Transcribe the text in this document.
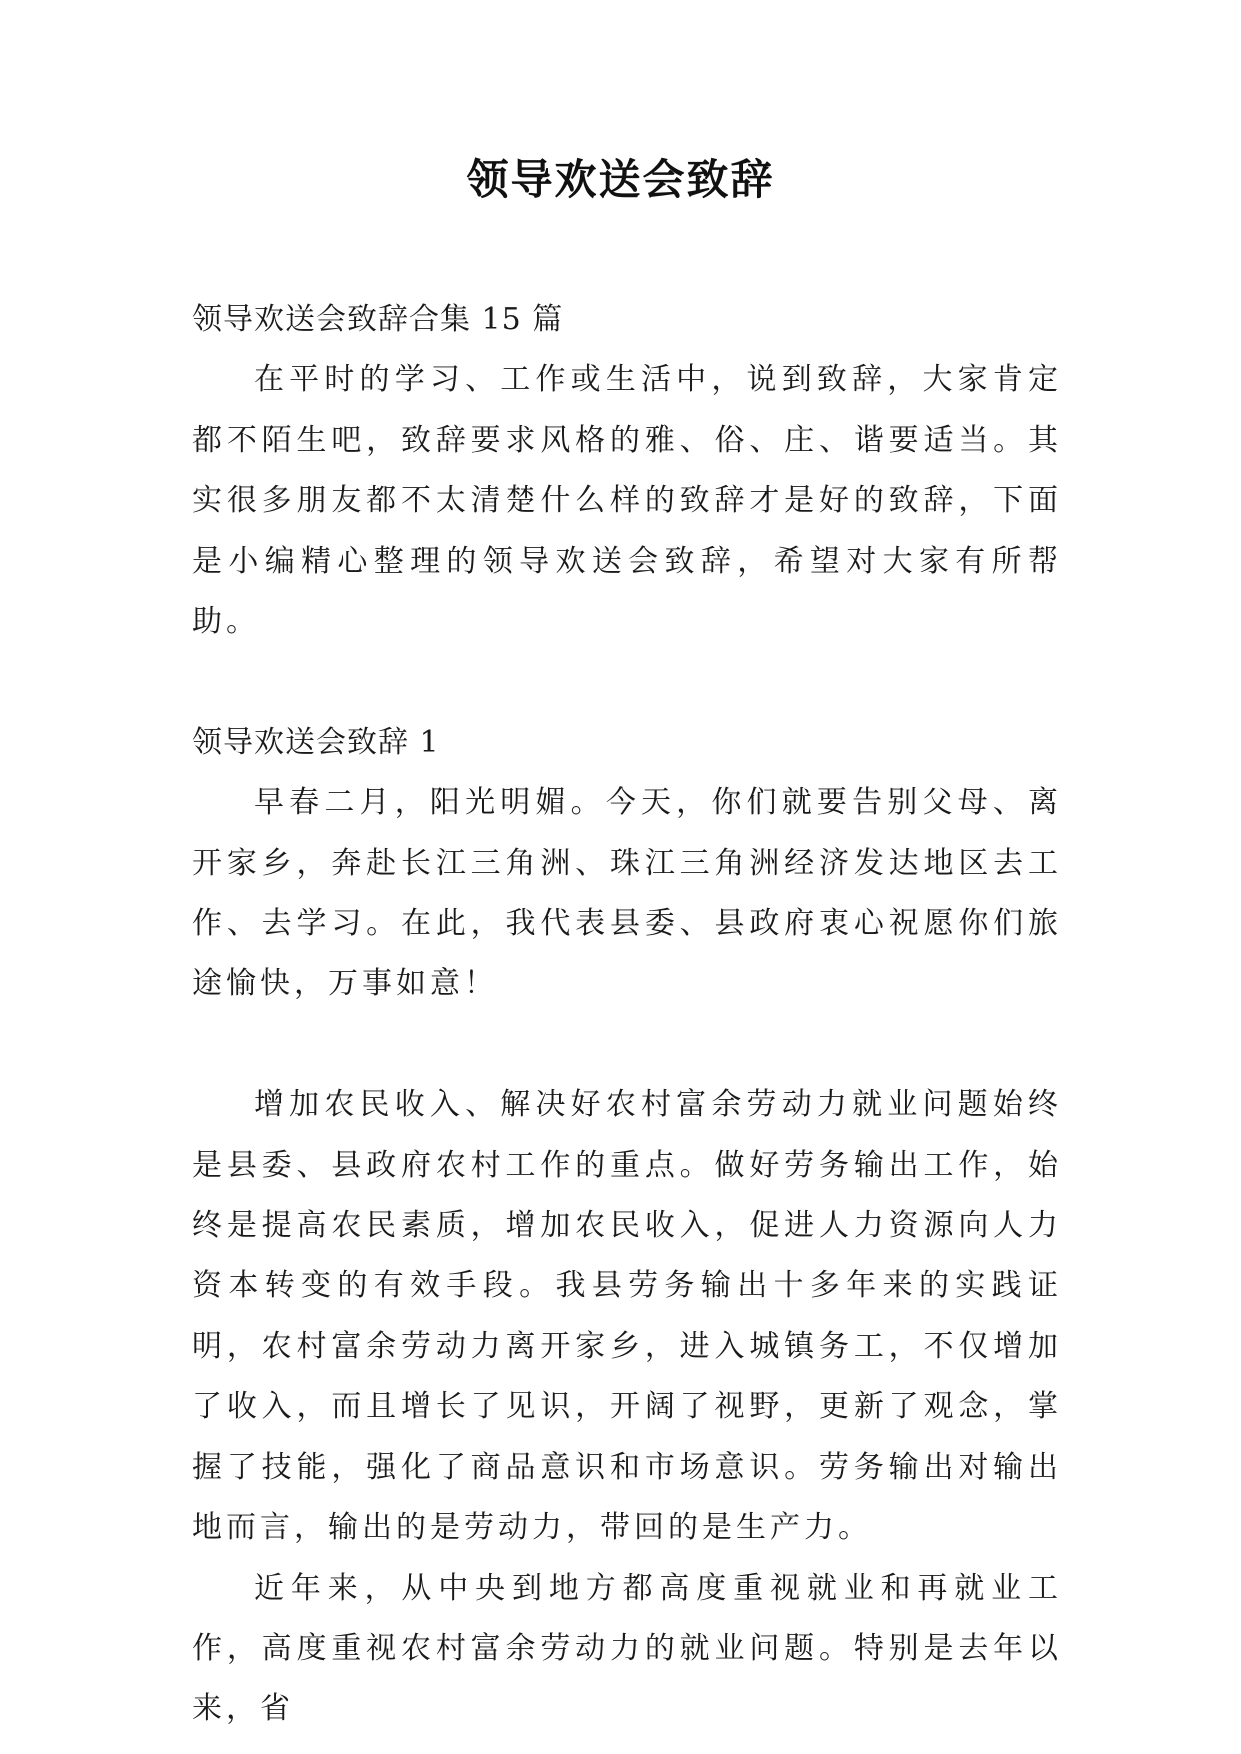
领导欢送会致辞

领导欢送会致辞合集 15 篇

在平时的学习、工作或生活中，说到致辞，大家肯定都不陌生吧，致辞要求风格的雅、俗、庄、谐要适当。其实很多朋友都不太清楚什么样的致辞才是好的致辞，下面是小编精心整理的领导欢送会致辞，希望对大家有所帮助。

领导欢送会致辞 1

早春二月，阳光明媚。今天，你们就要告别父母、离开家乡，奔赴长江三角洲、珠江三角洲经济发达地区去工作、去学习。在此，我代表县委、县政府衷心祝愿你们旅途愉快，万事如意！

增加农民收入、解决好农村富余劳动力就业问题始终是县委、县政府农村工作的重点。做好劳务输出工作，始终是提高农民素质，增加农民收入，促进人力资源向人力资本转变的有效手段。我县劳务输出十多年来的实践证明，农村富余劳动力离开家乡，进入城镇务工，不仅增加了收入，而且增长了见识，开阔了视野，更新了观念，掌握了技能，强化了商品意识和市场意识。劳务输出对输出地而言，输出的是劳动力，带回的是生产力。

近年来，从中央到地方都高度重视就业和再就业工作，高度重视农村富余劳动力的就业问题。特别是去年以来，省
